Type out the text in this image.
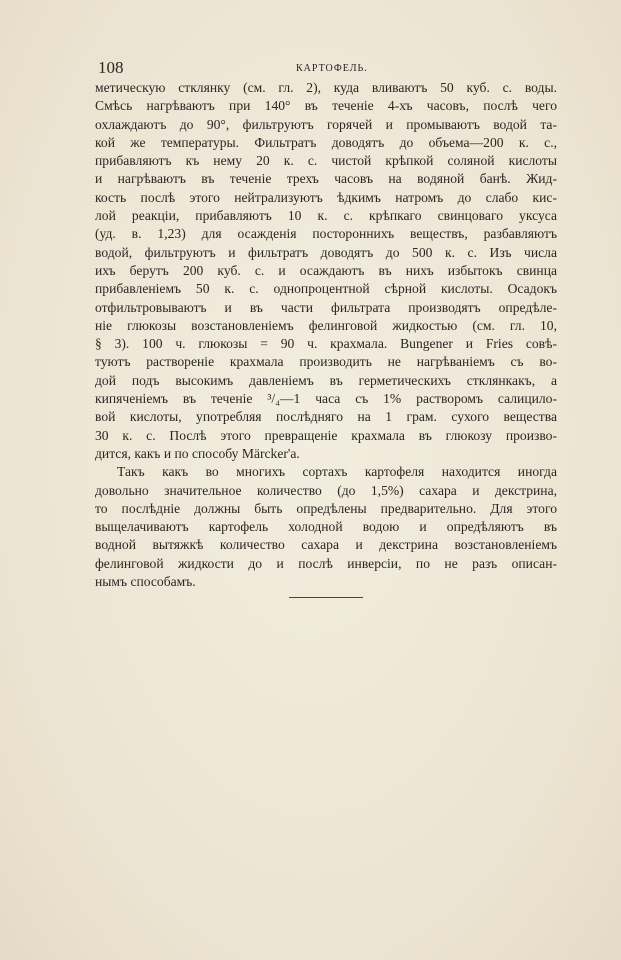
108	КАРТОФЕЛЬ.
метическую стклянку (см. гл. 2), куда вливаютъ 50 куб. с. воды.
Смѣсь нагрѣваютъ при 140° въ теченіе 4-хъ часовъ, послѣ чего
охлаждаютъ до 90°, фильтруютъ горячей и промываютъ водой та-
кой же температуры. Фильтратъ доводятъ до объема—200 к. с.,
прибавляютъ къ нему 20 к. с. чистой крѣпкой соляной кислоты
и нагрѣваютъ въ теченіе трехъ часовъ на водяной банѣ. Жид-
кость послѣ этого нейтрализуютъ ѣдкимъ натромъ до слабо кис-
лой реакціи, прибавляютъ 10 к. с. крѣпкаго свинцоваго уксуса
(уд. в. 1,23) для осажденія постороннихъ веществъ, разбавляютъ
водой, фильтруютъ и фильтратъ доводятъ до 500 к. с. Изъ числа
ихъ берутъ 200 куб. с. и осаждаютъ въ нихъ избытокъ свинца
прибавленіемъ 50 к. с. однопроцентной сѣрной кислоты. Осадокъ
отфильтровываютъ и въ части фильтрата производятъ опредѣле-
ніе глюкозы возстановленіемъ фелинговой жидкостью (см. гл. 10,
§ 3). 100 ч. глюкозы = 90 ч. крахмала. Bungener и Fries совѣ-
туютъ раствореніе крахмала производить не нагрѣваніемъ съ во-
дой подъ высокимъ давленіемъ въ герметическихъ стклянкакъ, а
кипяченіемъ въ теченіе ³/₄—1 часа съ 1% растворомъ салицило-
вой кислоты, употребляя послѣдняго на 1 грам. сухого вещества
30 к. с. Послѣ этого превращеніе крахмала въ глюкозу произво-
дится, какъ и по способу Märcker'a.
Такъ какъ во многихъ сортахъ картофеля находится иногда
довольно значительное количество (до 1,5%) сахара и декстрина,
то послѣдніе должны быть опредѣлены предварительно. Для этого
выщелачиваютъ картофель холодной водою и опредѣляютъ въ
водной вытяжкѣ количество сахара и декстрина возстановленіемъ
фелинговой жидкости до и послѣ инверсіи, по не разъ описан-
нымъ способамъ.
